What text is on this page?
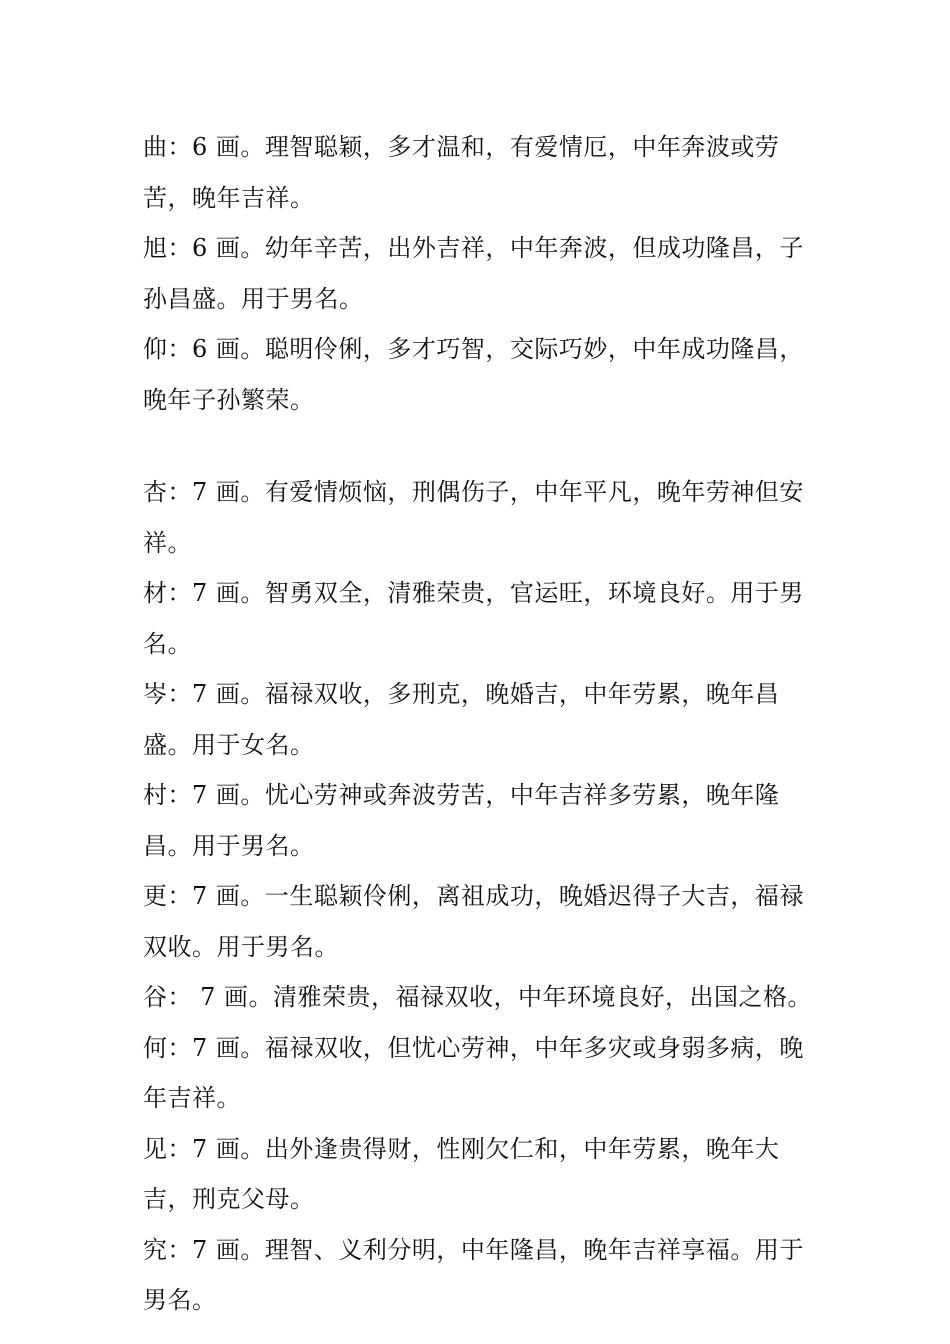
曲：6 画。理智聪颖，多才温和，有爱情厄，中年奔波或劳苦，晚年吉祥。
旭：6 画。幼年辛苦，出外吉祥，中年奔波，但成功隆昌，子孙昌盛。用于男名。
仰：6 画。聪明伶俐，多才巧智，交际巧妙，中年成功隆昌，晚年子孙繁荣。
杏：7 画。有爱情烦恼，刑偶伤子，中年平凡，晚年劳神但安祥。
材：7 画。智勇双全，清雅荣贵，官运旺，环境良好。用于男名。
岑：7 画。福禄双收，多刑克，晚婚吉，中年劳累，晚年昌盛。用于女名。
村：7 画。忧心劳神或奔波劳苦，中年吉祥多劳累，晚年隆昌。用于男名。
更：7 画。一生聪颖伶俐，离祖成功，晚婚迟得子大吉，福禄双收。用于男名。
谷： 7 画。清雅荣贵，福禄双收，中年环境良好，出国之格。
何：7 画。福禄双收，但忧心劳神，中年多灾或身弱多病，晚年吉祥。
见：7 画。出外逢贵得财，性刚欠仁和，中年劳累，晚年大吉，刑克父母。
究：7 画。理智、义利分明，中年隆昌，晚年吉祥享福。用于男名。
